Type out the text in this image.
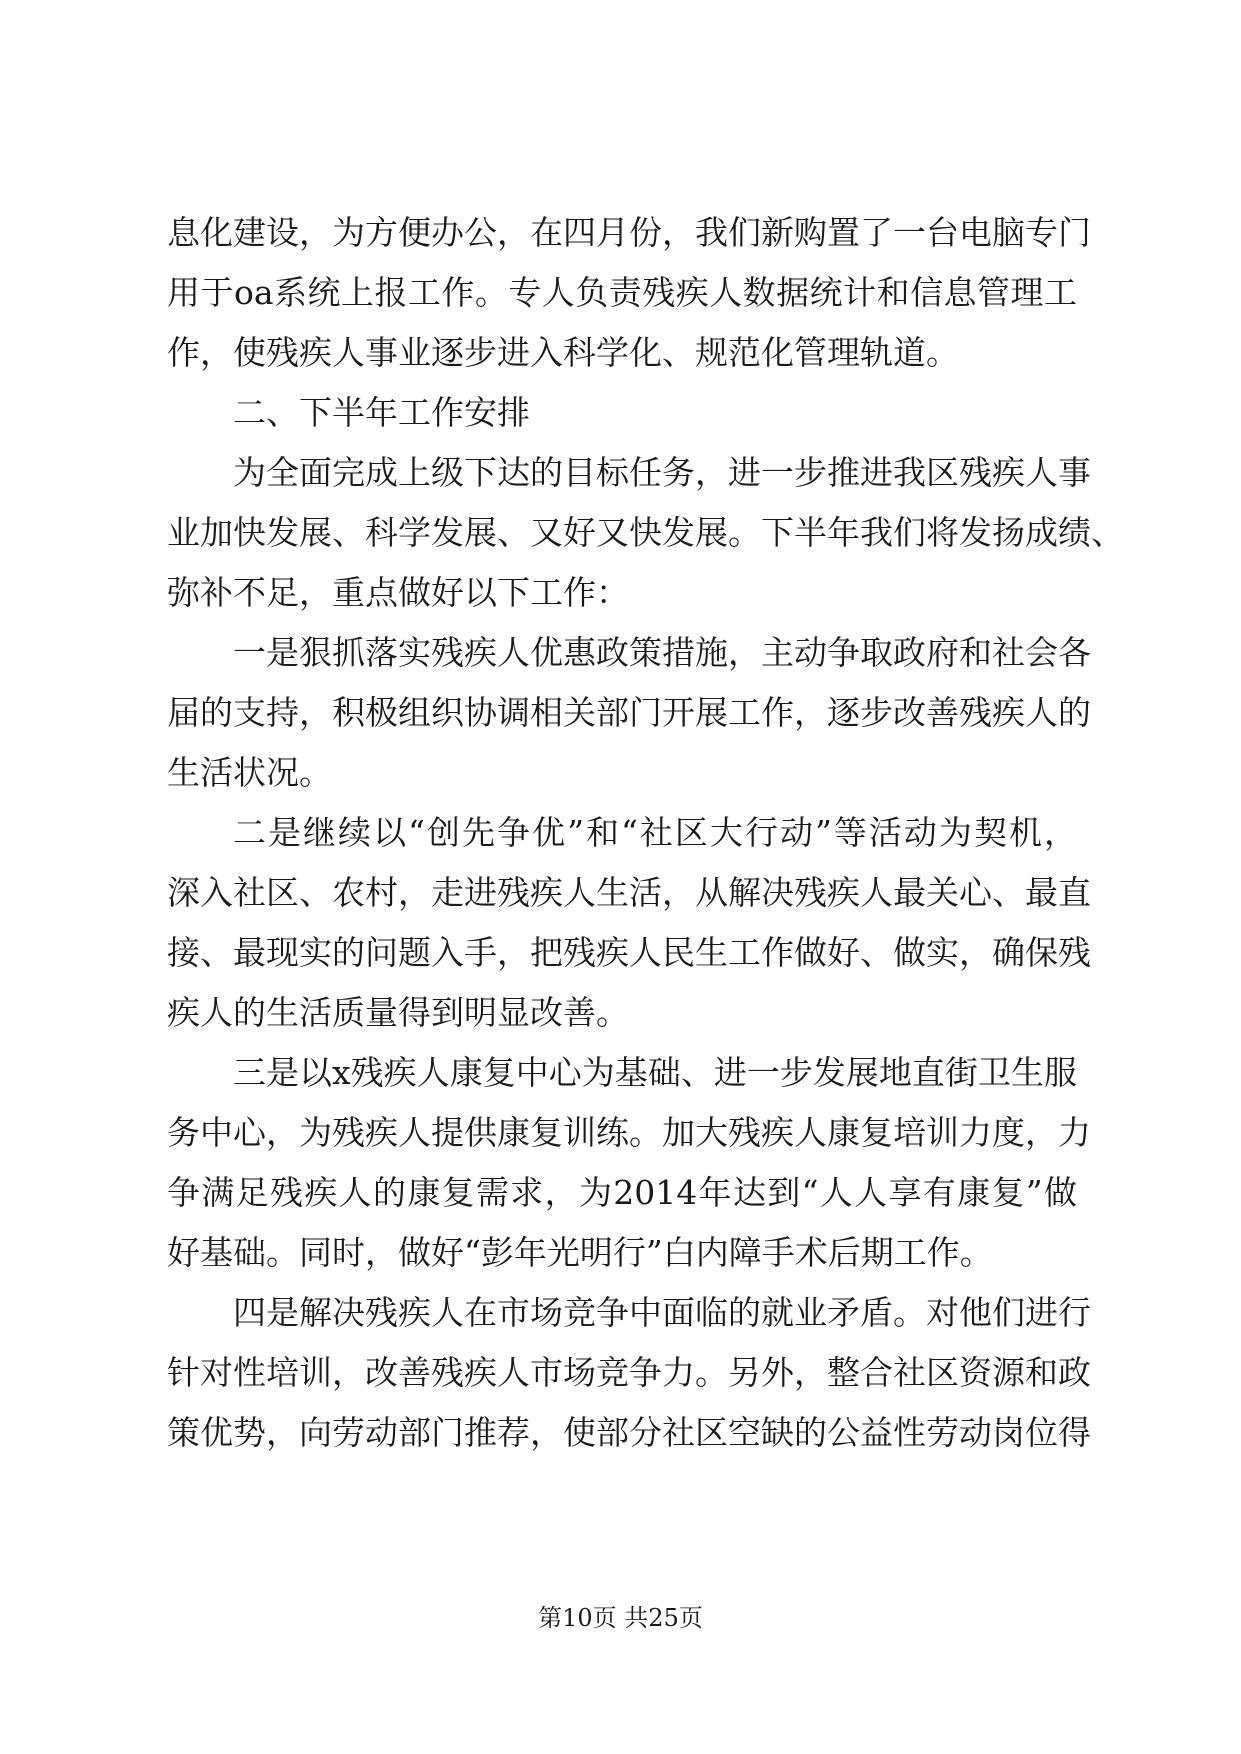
息化建设，为方便办公，在四月份，我们新购置了一台电脑专门
用于oa系统上报工作。专人负责残疾人数据统计和信息管理工
作，使残疾人事业逐步进入科学化、规范化管理轨道。
二、下半年工作安排
为全面完成上级下达的目标任务，进一步推进我区残疾人事
业加快发展、科学发展、又好又快发展。下半年我们将发扬成绩、
弥补不足，重点做好以下工作：
一是狠抓落实残疾人优惠政策措施，主动争取政府和社会各
届的支持，积极组织协调相关部门开展工作，逐步改善残疾人的
生活状况。
二是继续以“创先争优”和“社区大行动”等活动为契机，
深入社区、农村，走进残疾人生活，从解决残疾人最关心、最直
接、最现实的问题入手，把残疾人民生工作做好、做实，确保残
疾人的生活质量得到明显改善。
三是以x残疾人康复中心为基础、进一步发展地直街卫生服
务中心，为残疾人提供康复训练。加大残疾人康复培训力度，力
争满足残疾人的康复需求，为2014年达到“人人享有康复”做
好基础。同时，做好“彭年光明行”白内障手术后期工作。
四是解决残疾人在市场竞争中面临的就业矛盾。对他们进行
针对性培训，改善残疾人市场竞争力。另外，整合社区资源和政
策优势，向劳动部门推荐，使部分社区空缺的公益性劳动岗位得
第10页 共25页
